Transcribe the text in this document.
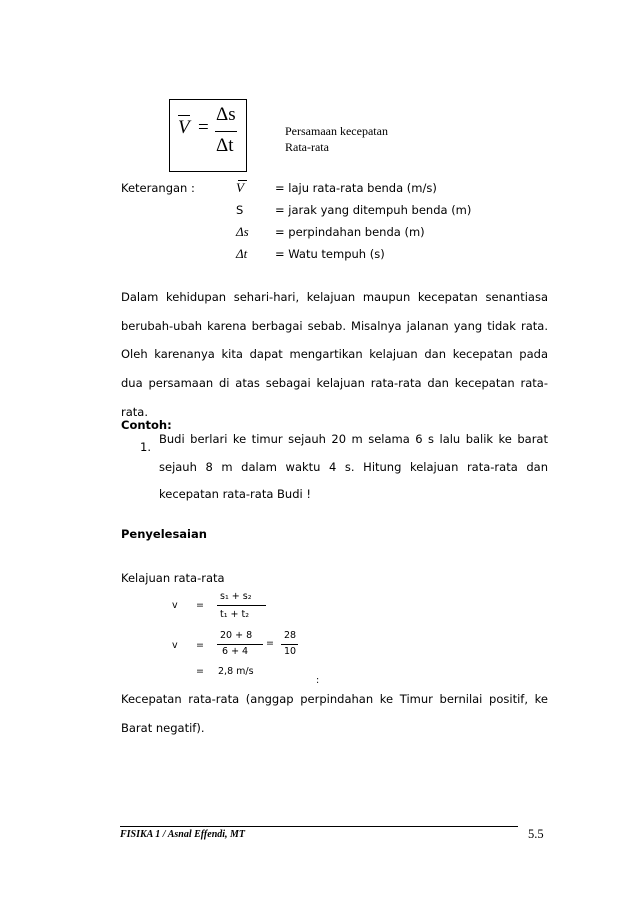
V =
Δs
Δt
Persamaan kecepatan
Rata-rata
Keterangan :	V	= laju rata-rata benda (m/s)
S	= jarak yang ditempuh benda (m)
Δs = perpindahan benda (m)
Δt = Watu tempuh (s)
Dalam kehidupan sehari-hari, kelajuan maupun kecepatan senantiasa berubah-ubah karena berbagai sebab. Misalnya jalanan yang tidak rata. Oleh karenanya kita dapat mengartikan kelajuan dan kecepatan pada dua persamaan di atas sebagai kelajuan rata-rata dan kecepatan rata-rata.
Contoh:
1.
Budi berlari ke timur sejauh 20 m selama 6 s lalu balik ke barat sejauh 8 m dalam waktu 4 s. Hitung kelajuan rata-rata dan kecepatan rata-rata Budi !
Penyelesaian
Kelajuan rata-rata
v =
s₁ + s₂
t₁ + t₂
v =
20 + 8
6 + 4
=
28
10
= 2,8 m/s
:
Kecepatan rata-rata (anggap perpindahan ke Timur bernilai positif, ke Barat negatif).
FISIKA 1 / Asnal Effendi, MT	5.5
